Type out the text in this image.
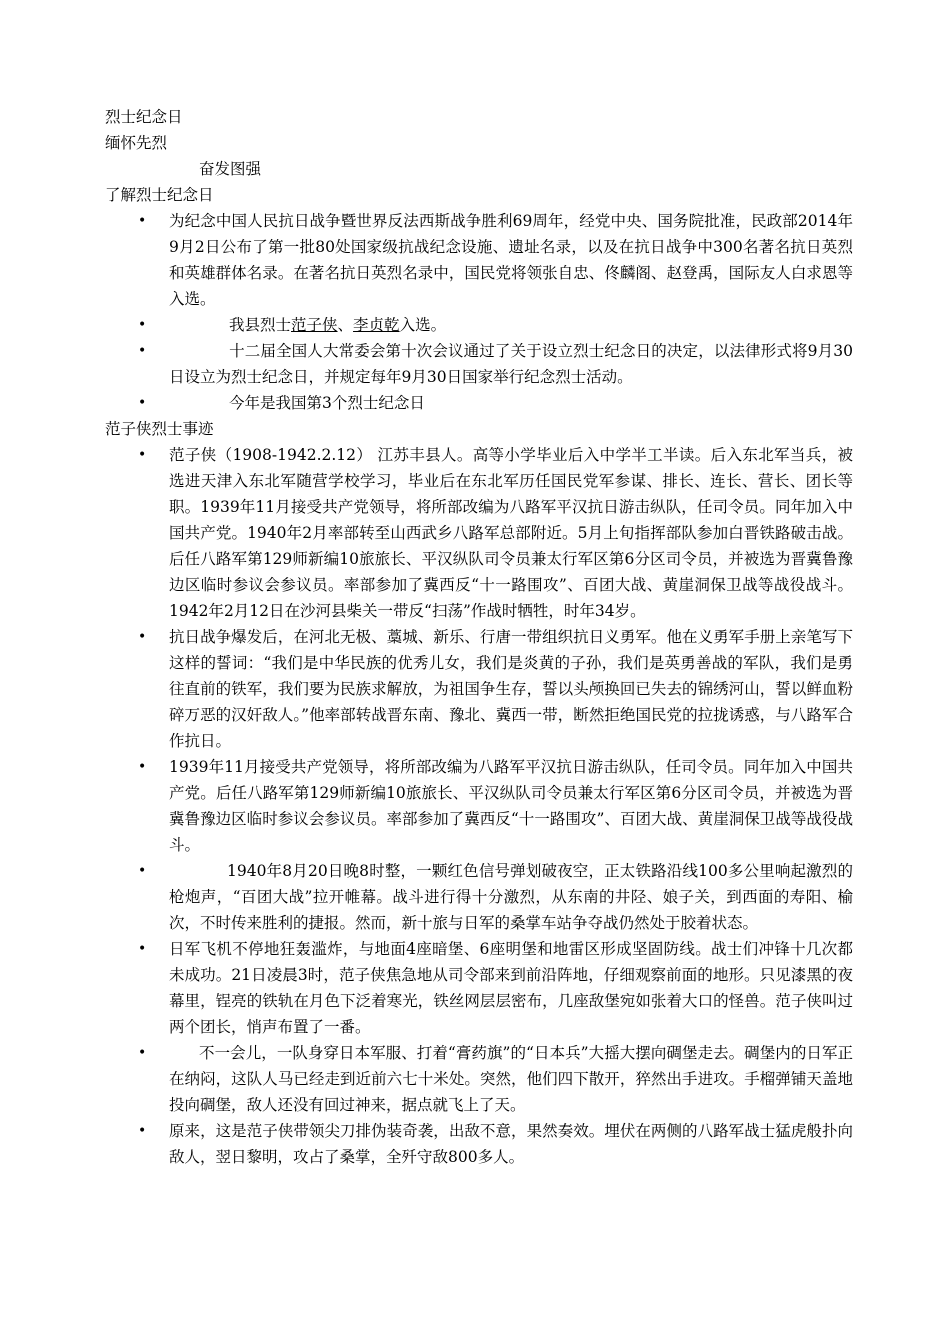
烈士纪念日

缅怀先烈

奋发图强

了解烈士纪念日

• 为纪念中国人民抗日战争暨世界反法西斯战争胜利69周年，经党中央、国务院批准，民政部2014年9月2日公布了第一批80处国家级抗战纪念设施、遗址名录，以及在抗日战争中300名著名抗日英烈和英雄群体名录。在著名抗日英烈名录中，国民党将领张自忠、佟麟阁、赵登禹，国际友人白求恩等入选。
•	我县烈士范子侠、李贞乾入选。
•	十二届全国人大常委会第十次会议通过了关于设立烈士纪念日的决定，以法律形式将9月30日设立为烈士纪念日，并规定每年9月30日国家举行纪念烈士活动。
•	今年是我国第3个烈士纪念日

范子侠烈士事迹

• 范子侠（1908-1942.2.12） 江苏丰县人。高等小学毕业后入中学半工半读。后入东北军当兵，被选进天津入东北军随营学校学习，毕业后在东北军历任国民党军参谋、排长、连长、营长、团长等职。1939年11月接受共产党领导，将所部改编为八路军平汉抗日游击纵队，任司令员。同年加入中国共产党。1940年2月率部转至山西武乡八路军总部附近。5月上旬指挥部队参加白晋铁路破击战。后任八路军第129师新编10旅旅长、平汉纵队司令员兼太行军区第6分区司令员，并被选为晋冀鲁豫边区临时参议会参议员。率部参加了冀西反“十一路围攻”、百团大战、黄崖洞保卫战等战役战斗。1942年2月12日在沙河县柴关一带反“扫荡”作战时牺牲，时年34岁。
• 抗日战争爆发后，在河北无极、藁城、新乐、行唐一带组织抗日义勇军。他在义勇军手册上亲笔写下这样的誓词：“我们是中华民族的优秀儿女，我们是炎黄的子孙，我们是英勇善战的军队，我们是勇往直前的铁军，我们要为民族求解放，为祖国争生存，誓以头颅换回已失去的锦绣河山，誓以鲜血粉碎万恶的汉奸敌人。”他率部转战晋东南、豫北、冀西一带，断然拒绝国民党的拉拢诱惑，与八路军合作抗日。
• 1939年11月接受共产党领导，将所部改编为八路军平汉抗日游击纵队，任司令员。同年加入中国共产党。后任八路军第129师新编10旅旅长、平汉纵队司令员兼太行军区第6分区司令员，并被选为晋冀鲁豫边区临时参议会参议员。率部参加了冀西反“十一路围攻”、百团大战、黄崖洞保卫战等战役战斗。
•	1940年8月20日晚8时整，一颗红色信号弹划破夜空，正太铁路沿线100多公里响起激烈的枪炮声，“百团大战”拉开帷幕。战斗进行得十分激烈，从东南的井陉、娘子关，到西面的寿阳、榆次，不时传来胜利的捷报。然而，新十旅与日军的桑掌车站争夺战仍然处于胶着状态。
• 日军飞机不停地狂轰滥炸，与地面4座暗堡、6座明堡和地雷区形成坚固防线。战士们冲锋十几次都未成功。21日凌晨3时，范子侠焦急地从司令部来到前沿阵地，仔细观察前面的地形。只见漆黑的夜幕里，锃亮的铁轨在月色下泛着寒光，铁丝网层层密布，几座敌堡宛如张着大口的怪兽。范子侠叫过两个团长，悄声布置了一番。
•	不一会儿，一队身穿日本军服、打着“膏药旗”的“日本兵”大摇大摆向碉堡走去。碉堡内的日军正在纳闷，这队人马已经走到近前六七十米处。突然，他们四下散开，猝然出手进攻。手榴弹铺天盖地投向碉堡，敌人还没有回过神来，据点就飞上了天。
• 原来，这是范子侠带领尖刀排伪装奇袭，出敌不意，果然奏效。埋伏在两侧的八路军战士猛虎般扑向敌人，翌日黎明，攻占了桑掌，全歼守敌800多人。
